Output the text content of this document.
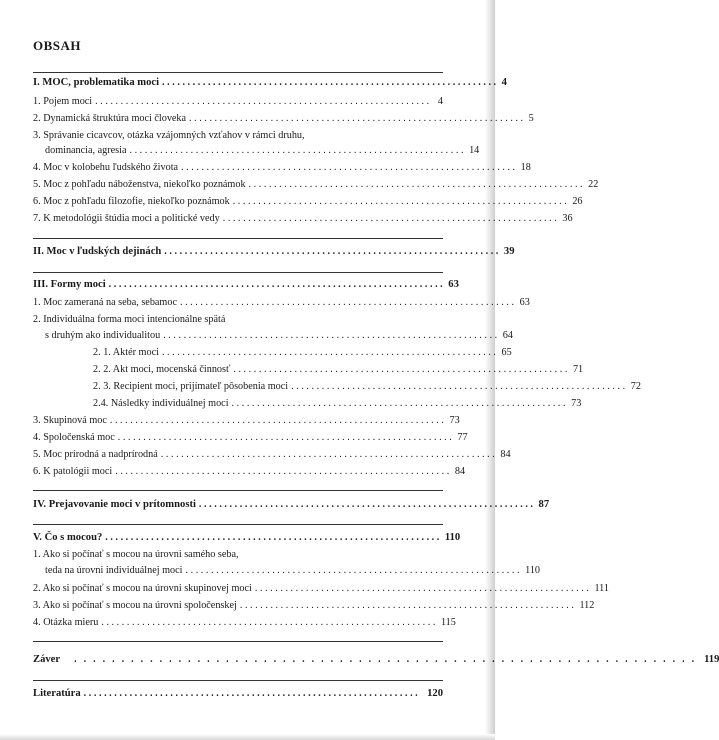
OBSAH
I. MOC, problematika moci .................................................................. 4
1. Pojem moci .................................................................. 4
2. Dynamická štruktúra moci človeka .................................................................. 5
3. Správanie cicavcov, otázka vzájomných vzťahov v rámci druhu,
dominancia, agresia .................................................................. 14
4. Moc v kolobehu ľudského života .................................................................. 18
5. Moc z pohľadu náboženstva, niekoľko poznámok .................................................................. 22
6. Moc z pohľadu filozofie, niekoľko poznámok .................................................................. 26
7. K metodológii štúdia moci a politické vedy .................................................................. 36
II. Moc v ľudských dejinách .................................................................. 39
III. Formy moci .................................................................. 63
1. Moc zameraná na seba, sebamoc .................................................................. 63
2. Individuálna forma moci intencionálne spätá
s druhým ako individualitou .................................................................. 64
2. 1. Aktér moci .................................................................. 65
2. 2. Akt moci, mocenská činnosť .................................................................. 71
2. 3. Recipient moci, prijímateľ pôsobenia moci .................................................................. 72
2.4. Následky individuálnej moci .................................................................. 73
3. Skupinová moc .................................................................. 73
4. Spoločenská moc .................................................................. 77
5. Moc prírodná a nadprírodná .................................................................. 84
6. K patológii moci .................................................................. 84
IV. Prejavovanie moci v prítomnosti .................................................................. 87
V. Čo s mocou? .................................................................. 110
1. Ako si počínať s mocou na úrovni samého seba,
teda na úrovni individuálnej moci .................................................................. 110
2. Ako si počínať s mocou na úrovni skupinovej moci .................................................................. 111
3. Ako si počínať s mocou na úrovni spoločenskej .................................................................. 112
4. Otázka mieru .................................................................. 115
Záver	.................................................................. 119
Literatúra .................................................................. 120
